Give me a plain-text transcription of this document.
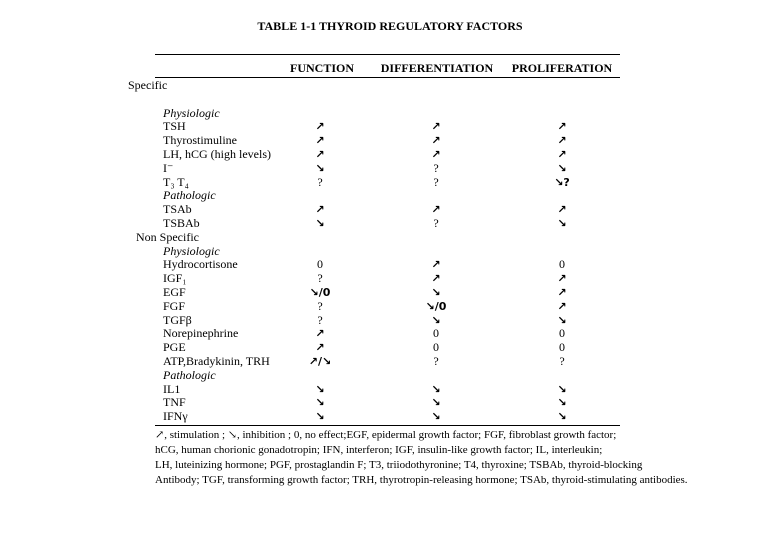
TABLE 1-1 THYROID REGULATORY FACTORS
FUNCTION DIFFERENTIATION PROLIFERATION
Specific
Physiologic
TSH	↗	↗	↗
Thyrostimuline	↗	↗	↗
LH, hCG (high levels)	↗	↗	↗
I⁻	↘	?	↘
T₃ T₄	?	?	↘?
Pathologic
TSAb	↗	↗	↗
TSBAb	↘	?	↘
Non Specific
Physiologic
Hydrocortisone	0	↗	0
IGF₁	?	↗	↗
EGF	↘/0	↘	↗
FGF	?	↘/0	↗
TGFβ	?	↘	↘
Norepinephrine	↗	0	0
PGE	↗	0	0
ATP,Bradykinin, TRH	↗/↘	?	?
Pathologic
IL1	↘	↘	↘
TNF	↘	↘	↘
IFNγ	↘	↘	↘
↗, stimulation ; ↘, inhibition ; 0, no effect;EGF, epidermal growth factor; FGF, fibroblast growth factor;
hCG, human chorionic gonadotropin; IFN, interferon; IGF, insulin-like growth factor; IL, interleukin;
LH, luteinizing hormone; PGF, prostaglandin F; T3, triiodothyronine; T4, thyroxine; TSBAb, thyroid-blocking
Antibody; TGF, transforming growth factor; TRH, thyrotropin-releasing hormone; TSAb, thyroid-stimulating antibodies.
